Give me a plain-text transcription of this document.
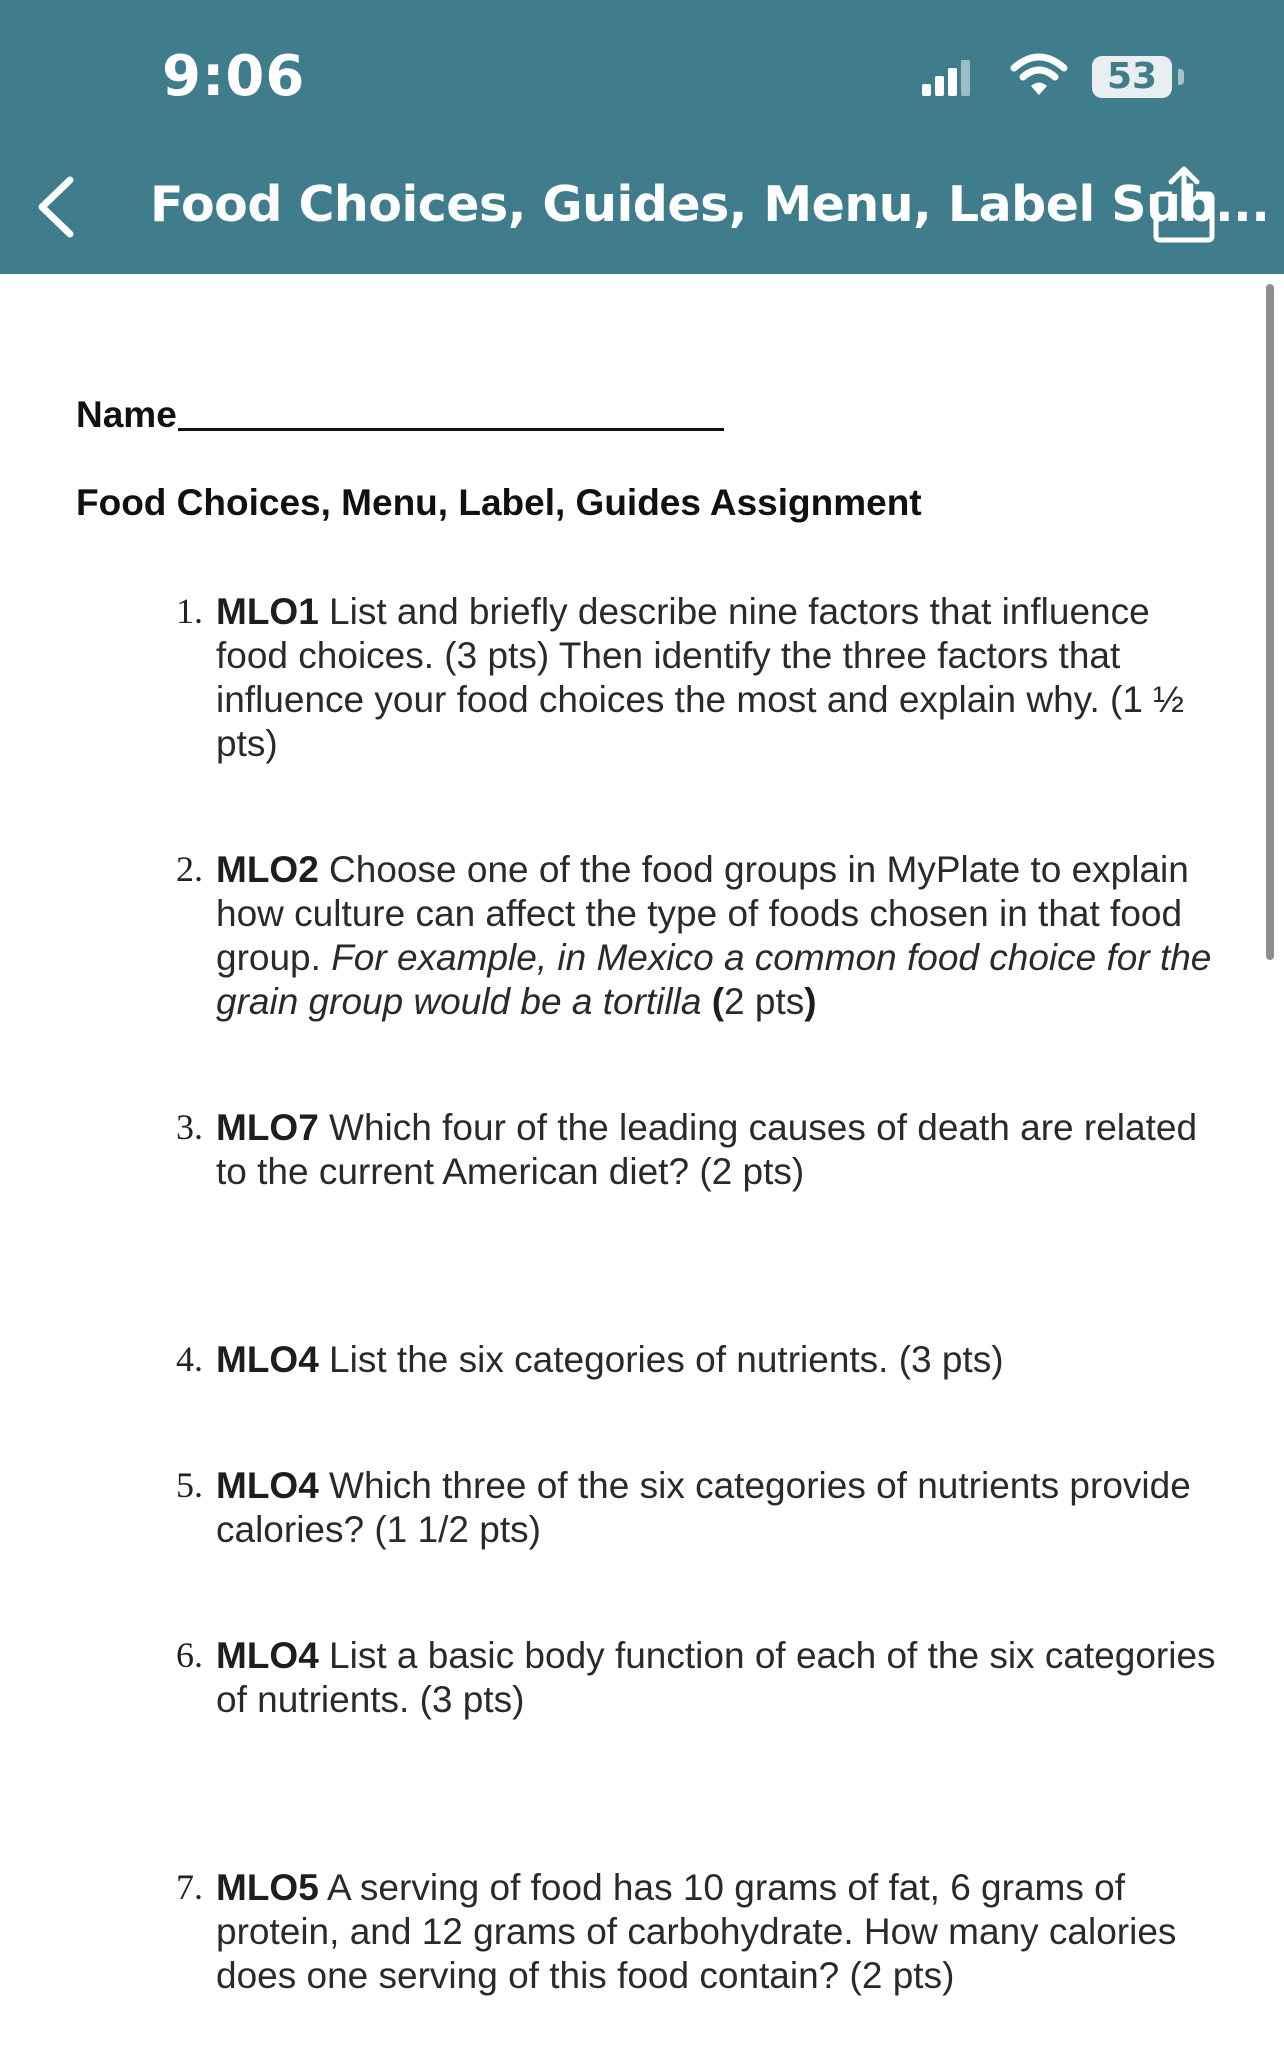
9:06	53
Food Choices, Guides, Menu, Label Sub...
Name
Food Choices, Menu, Label, Guides Assignment
1. MLO1 List and briefly describe nine factors that influence food choices. (3 pts) Then identify the three factors that influence your food choices the most and explain why. (1 ½ pts)
2. MLO2 Choose one of the food groups in MyPlate to explain how culture can affect the type of foods chosen in that food group. For example, in Mexico a common food choice for the grain group would be a tortilla (2 pts)
3. MLO7 Which four of the leading causes of death are related to the current American diet? (2 pts)
4. MLO4 List the six categories of nutrients. (3 pts)
5. MLO4 Which three of the six categories of nutrients provide calories? (1 1/2 pts)
6. MLO4 List a basic body function of each of the six categories of nutrients. (3 pts)
7. MLO5 A serving of food has 10 grams of fat, 6 grams of protein, and 12 grams of carbohydrate. How many calories does one serving of this food contain? (2 pts)
